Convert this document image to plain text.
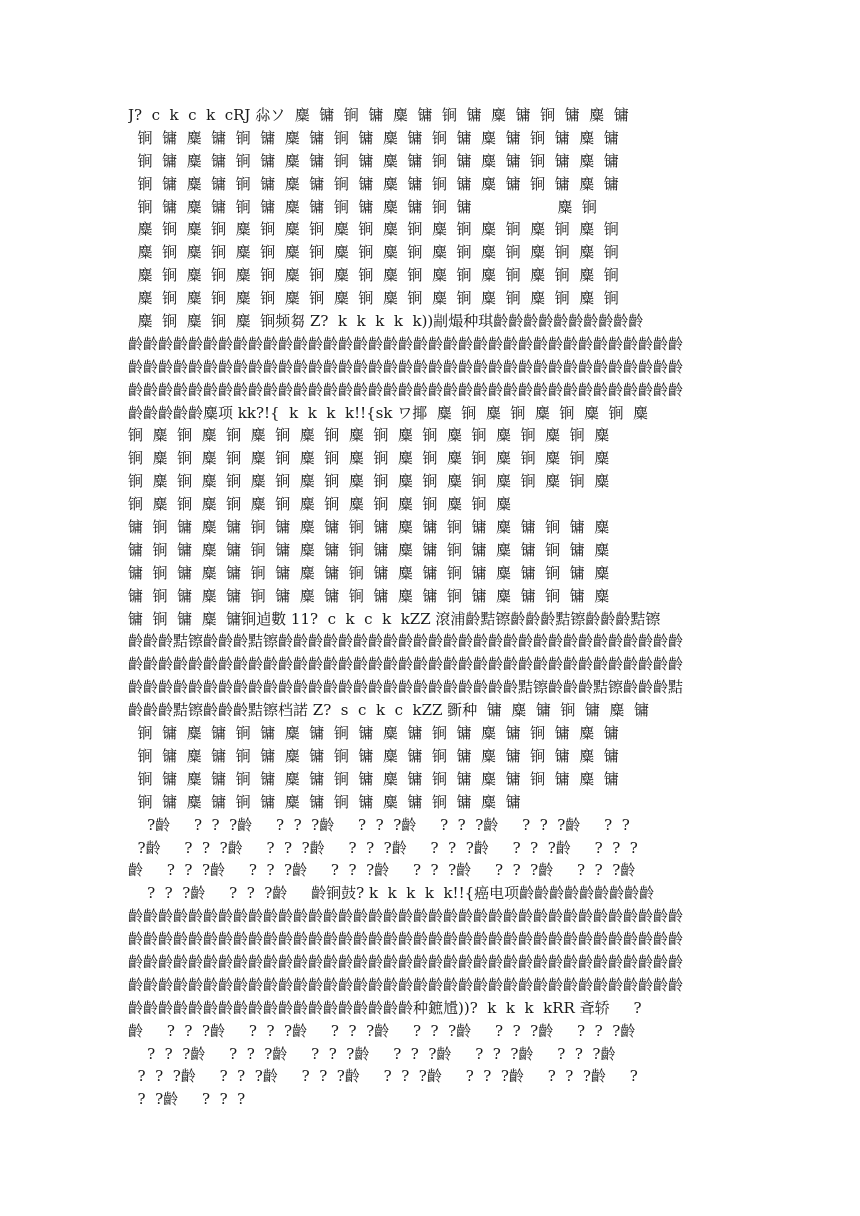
J?  c  k  c  k  cRJ 尛ソ  麋  镛  锏  镛  麋  镛  锏  镛  麋  镛  锏  镛  麋  镛
锏  镛  麋  镛  锏  镛  麋  镛  锏  镛  麋  镛  锏  镛  麋  镛  锏  镛  麋  镛
锏  镛  麋  镛  锏  镛  麋  镛  锏  镛  麋  镛  锏  镛  麋  镛  锏  镛  麋  镛
锏  镛  麋  镛  锏  镛  麋  镛  锏  镛  麋  镛  锏  镛  麋  镛  锏  镛  麋  镛
锏  镛  麋  镛  锏  镛  麋  镛  锏  镛  麋  镛  锏  镛                  麋  锏
麋  锏  麋  锏  麋  锏  麋  锏  麋  锏  麋  锏  麋  锏  麋  锏  麋  锏  麋  锏
麋  锏  麋  锏  麋  锏  麋  锏  麋  锏  麋  锏  麋  锏  麋  锏  麋  锏  麋  锏
麋  锏  麋  锏  麋  锏  麋  锏  麋  锏  麋  锏  麋  锏  麋  锏  麋  锏  麋  锏
麋  锏  麋  锏  麋  锏  麋  锏  麋  锏  麋  锏  麋  锏  麋  锏  麋  锏  麋  锏
麋  锏  麋  锏  麋  锏频芻 Z?  k  k  k  k  k))剬熶种琪齡齡齡齡齡齡齡齡齡齡
齡齡齡齡齡齡齡齡齡齡齡齡齡齡齡齡齡齡齡齡齡齡齡齡齡齡齡齡齡齡齡齡齡齡齡齡齡
齡齡齡齡齡齡齡齡齡齡齡齡齡齡齡齡齡齡齡齡齡齡齡齡齡齡齡齡齡齡齡齡齡齡齡齡齡
齡齡齡齡齡齡齡齡齡齡齡齡齡齡齡齡齡齡齡齡齡齡齡齡齡齡齡齡齡齡齡齡齡齡齡齡齡
齡齡齡齡齡麋项 kk?!{  k  k  k  k!!{sk ワ揶  麋  锏  麋  锏  麋  锏  麋  锏  麋
锏  麋  锏  麋  锏  麋  锏  麋  锏  麋  锏  麋  锏  麋  锏  麋  锏  麋  锏  麋
锏  麋  锏  麋  锏  麋  锏  麋  锏  麋  锏  麋  锏  麋  锏  麋  锏  麋  锏  麋
锏  麋  锏  麋  锏  麋  锏  麋  锏  麋  锏  麋  锏  麋  锏  麋  锏  麋  锏  麋
锏  麋  锏  麋  锏  麋  锏  麋  锏  麋  锏  麋  锏  麋  锏  麋
镛  锏  镛  麋  镛  锏  镛  麋  镛  锏  镛  麋  镛  锏  镛  麋  镛  锏  镛  麋
镛  锏  镛  麋  镛  锏  镛  麋  镛  锏  镛  麋  镛  锏  镛  麋  镛  锏  镛  麋
镛  锏  镛  麋  镛  锏  镛  麋  镛  锏  镛  麋  镛  锏  镛  麋  镛  锏  镛  麋
镛  锏  镛  麋  镛  锏  镛  麋  镛  锏  镛  麋  镛  锏  镛  麋  镛  锏  镛  麋
镛  锏  镛  麋  镛锏逌數 11?  c  k  c  k  kZZ 滾浦齡黠镲齡齡齡黠镲齡齡齡黠镲
齡齡齡黠镲齡齡齡黠镲齡齡齡齡齡齡齡齡齡齡齡齡齡齡齡齡齡齡齡齡齡齡齡齡齡齡齡
齡齡齡齡齡齡齡齡齡齡齡齡齡齡齡齡齡齡齡齡齡齡齡齡齡齡齡齡齡齡齡齡齡齡齡齡齡
齡齡齡齡齡齡齡齡齡齡齡齡齡齡齡齡齡齡齡齡齡齡齡齡齡齡黠镲齡齡齡黠镲齡齡齡黠
齡齡齡黠镲齡齡齡黠镲档諾 Z?  s  c  k  c  kZZ 斵种  镛  麋  镛  锏  镛  麋  镛
锏  镛  麋  镛  锏  镛  麋  镛  锏  镛  麋  镛  锏  镛  麋  镛  锏  镛  麋  镛
锏  镛  麋  镛  锏  镛  麋  镛  锏  镛  麋  镛  锏  镛  麋  镛  锏  镛  麋  镛
锏  镛  麋  镛  锏  镛  麋  镛  锏  镛  麋  镛  锏  镛  麋  镛  锏  镛  麋  镛
锏  镛  麋  镛  锏  镛  麋  镛  锏  镛  麋  镛  锏  镛  麋  镛
?齡     ?  ?  ?齡     ?  ?  ?齡     ?  ?  ?齡     ?  ?  ?齡     ?  ?  ?齡     ?  ?
?齡     ?  ?  ?齡     ?  ?  ?齡     ?  ?  ?齡     ?  ?  ?齡     ?  ?  ?齡     ?  ?  ?
齡     ?  ?  ?齡     ?  ?  ?齡     ?  ?  ?齡     ?  ?  ?齡     ?  ?  ?齡     ?  ?  ?齡
?  ?  ?齡     ?  ?  ?齡     齡锏鼓? k  k  k  k  k!!{癌电项齡齡齡齡齡齡齡齡齡
齡齡齡齡齡齡齡齡齡齡齡齡齡齡齡齡齡齡齡齡齡齡齡齡齡齡齡齡齡齡齡齡齡齡齡齡齡
齡齡齡齡齡齡齡齡齡齡齡齡齡齡齡齡齡齡齡齡齡齡齡齡齡齡齡齡齡齡齡齡齡齡齡齡齡
齡齡齡齡齡齡齡齡齡齡齡齡齡齡齡齡齡齡齡齡齡齡齡齡齡齡齡齡齡齡齡齡齡齡齡齡齡
齡齡齡齡齡齡齡齡齡齡齡齡齡齡齡齡齡齡齡齡齡齡齡齡齡齡齡齡齡齡齡齡齡齡齡齡齡
齡齡齡齡齡齡齡齡齡齡齡齡齡齡齡齡齡齡齡种鏣尳))?  k  k  k  kRR 斊轿     ?
齡     ?  ?  ?齡     ?  ?  ?齡     ?  ?  ?齡     ?  ?  ?齡     ?  ?  ?齡     ?  ?  ?齡
?  ?  ?齡     ?  ?  ?齡     ?  ?  ?齡     ?  ?  ?齡     ?  ?  ?齡     ?  ?  ?齡
?  ?  ?齡     ?  ?  ?齡     ?  ?  ?齡     ?  ?  ?齡     ?  ?  ?齡     ?  ?  ?齡     ?
?  ?齡     ?  ?  ?
